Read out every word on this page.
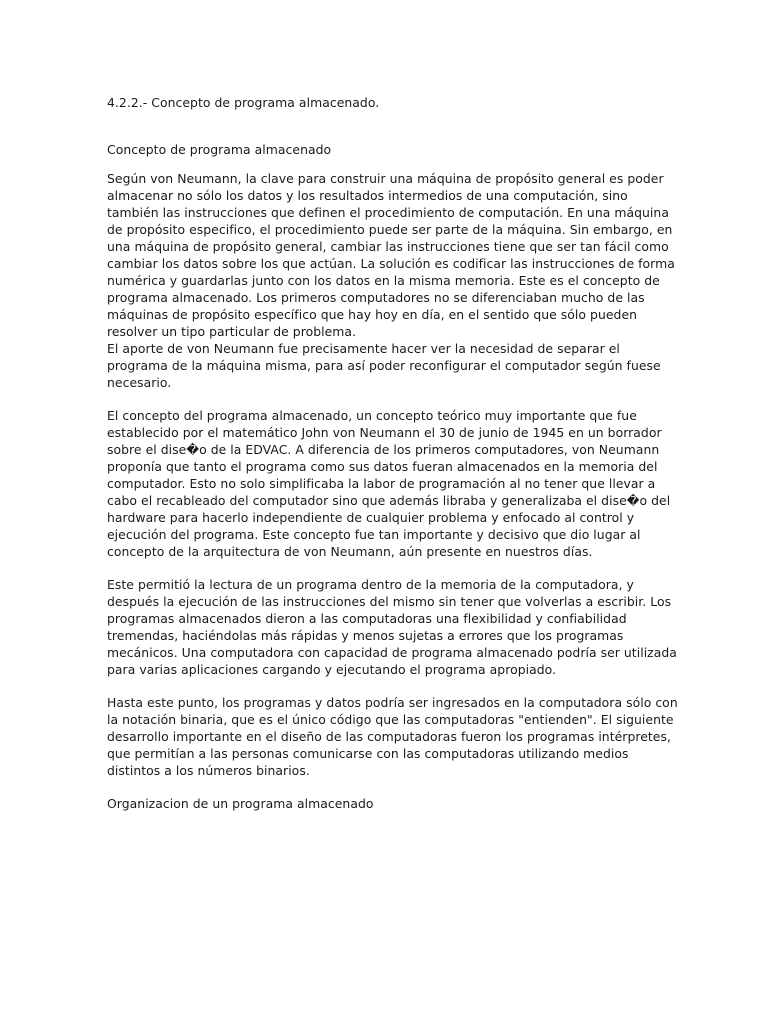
4.2.2.- Concepto de programa almacenado.

Concepto de programa almacenado

Según von Neumann, la clave para construir una máquina de propósito general es poder almacenar no sólo los datos y los resultados intermedios de una computación, sino también las instrucciones que definen el procedimiento de computación. En una máquina de propósito especifico, el procedimiento puede ser parte de la máquina. Sin embargo, en una máquina de propósito general, cambiar las instrucciones tiene que ser tan fácil como cambiar los datos sobre los que actúan. La solución es codificar las instrucciones de forma numérica y guardarlas junto con los datos en la misma memoria. Este es el concepto de programa almacenado. Los primeros computadores no se diferenciaban mucho de las máquinas de propósito específico que hay hoy en día, en el sentido que sólo pueden resolver un tipo particular de problema.

El aporte de von Neumann fue precisamente hacer ver la necesidad de separar el programa de la máquina misma, para así poder reconfigurar el computador según fuese necesario.

El concepto del programa almacenado, un concepto teórico muy importante que fue establecido por el matemático John von Neumann el 30 de junio de 1945 en un borrador sobre el dise�o de la EDVAC. A diferencia de los primeros computadores, von Neumann proponía que tanto el programa como sus datos fueran almacenados en la memoria del computador. Esto no solo simplificaba la labor de programación al no tener que llevar a cabo el recableado del computador sino que además libraba y generalizaba el dise�o del hardware para hacerlo independiente de cualquier problema y enfocado al control y ejecución del programa. Este concepto fue tan importante y decisivo que dio lugar al concepto de la arquitectura de von Neumann, aún presente en nuestros días.

Este permitió la lectura de un programa dentro de la memoria de la computadora, y después la ejecución de las instrucciones del mismo sin tener que volverlas a escribir. Los programas almacenados dieron a las computadoras una flexibilidad y confiabilidad tremendas, haciéndolas más rápidas y menos sujetas a errores que los programas mecánicos. Una computadora con capacidad de programa almacenado podría ser utilizada para varias aplicaciones cargando y ejecutando el programa apropiado.

Hasta este punto, los programas y datos podría ser ingresados en la computadora sólo con la notación binaria, que es el único código que las computadoras "entienden". El siguiente desarrollo importante en el diseño de las computadoras fueron los programas intérpretes, que permitían a las personas comunicarse con las computadoras utilizando medios distintos a los números binarios.

Organizacion de un programa almacenado
